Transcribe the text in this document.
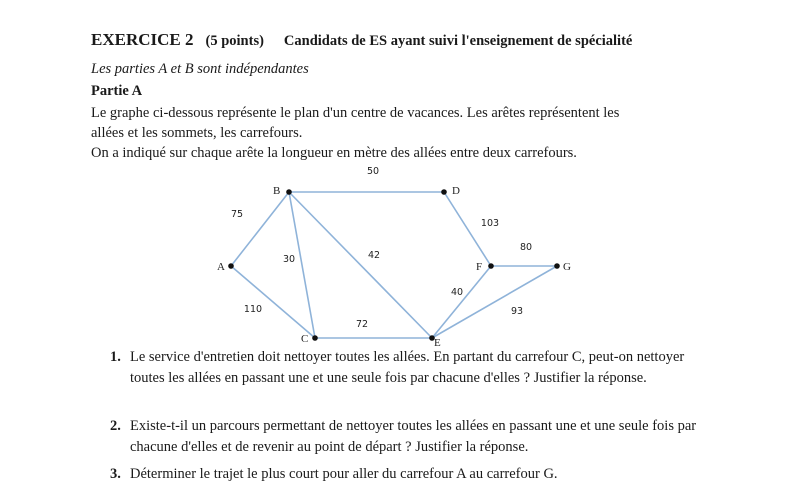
EXERCICE 2 (5 points) Candidats de ES ayant suivi l'enseignement de spécialité
Les parties A et B sont indépendantes
Partie A
Le graphe ci-dessous représente le plan d'un centre de vacances. Les arêtes représentent les
allées et les sommets, les carrefours.
On a indiqué sur chaque arête la longueur en mètre des allées entre deux carrefours.
75
50
103
80
30	42
110
72
40
93
A
B
C
D
E
F	G
1. Le service d'entretien doit nettoyer toutes les allées. En partant du carrefour C, peut-on nettoyer toutes les allées en passant une et une seule fois par chacune d'elles ? Justifier la réponse.
2. Existe-t-il un parcours permettant de nettoyer toutes les allées en passant une et une seule fois par chacune d'elles et de revenir au point de départ ? Justifier la réponse.
3. Déterminer le trajet le plus court pour aller du carrefour A au carrefour G.
